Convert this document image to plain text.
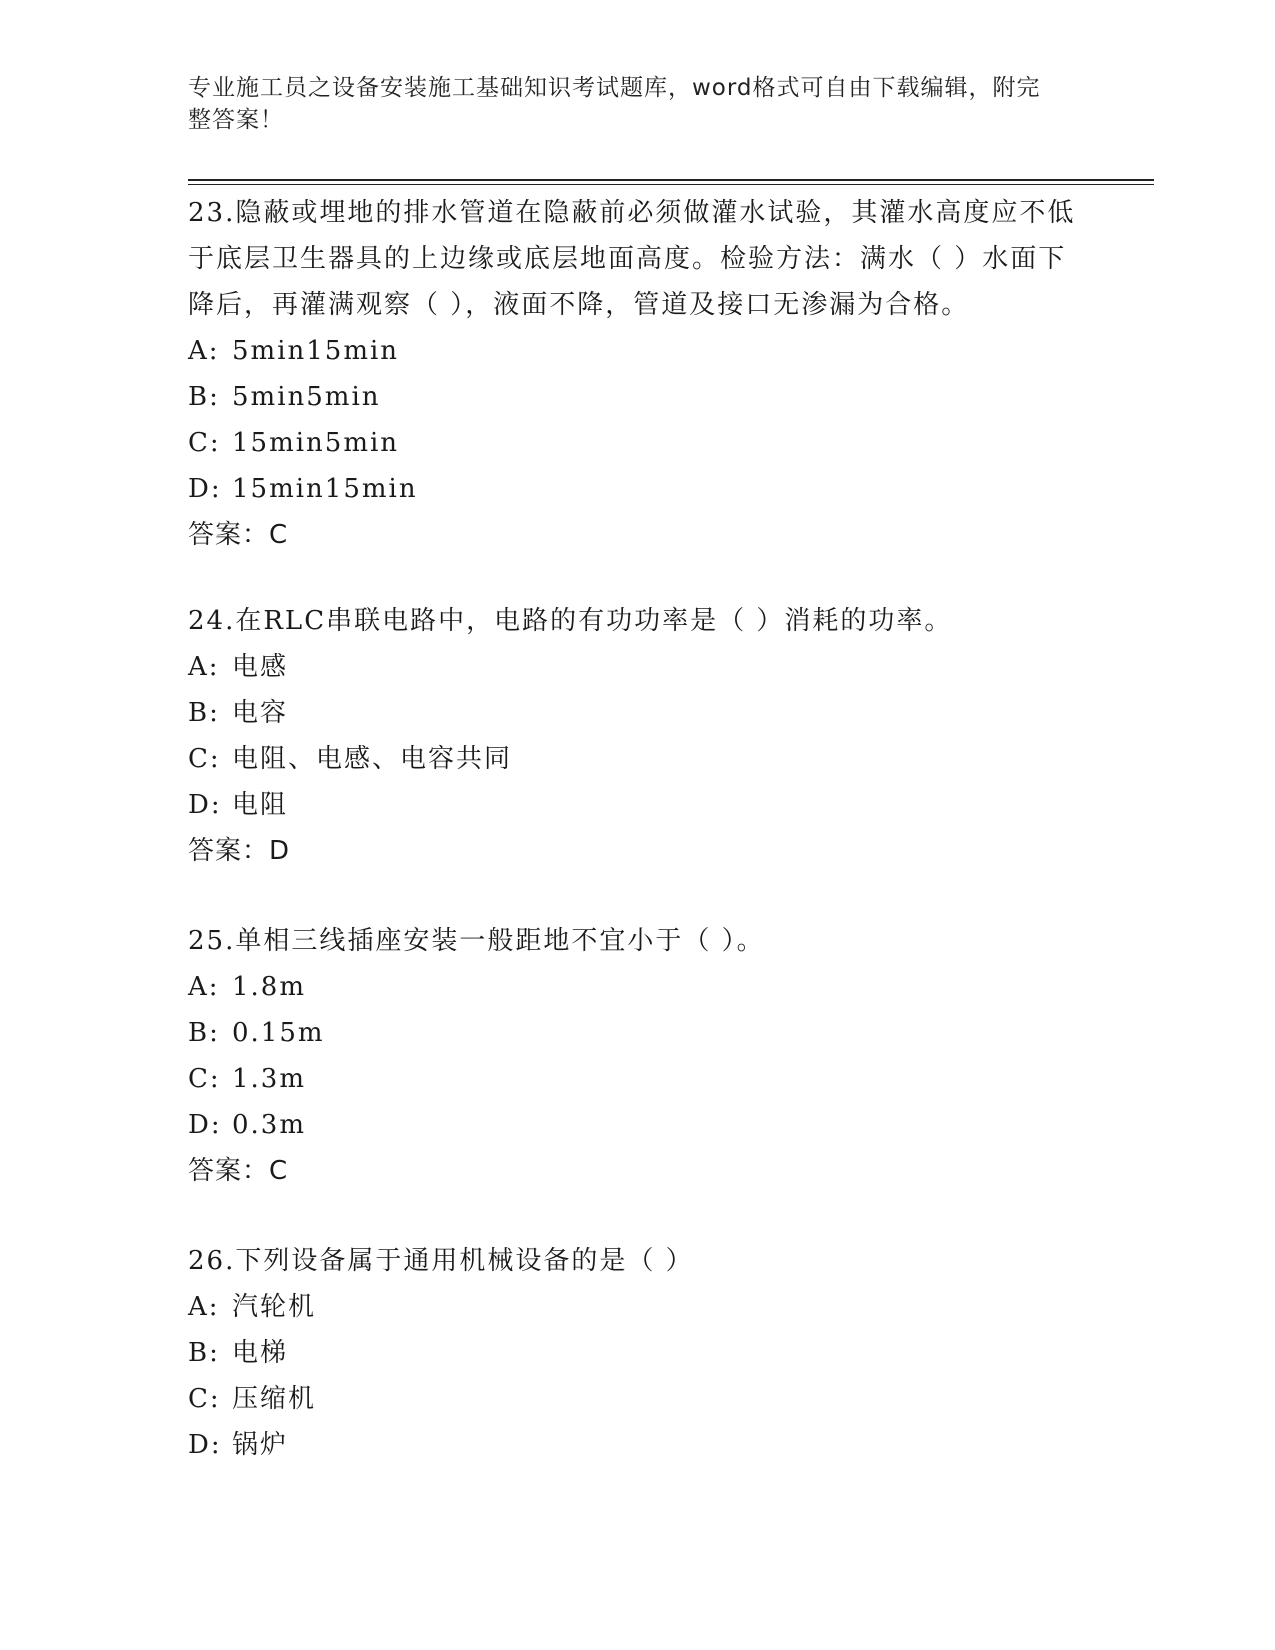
专业施工员之设备安装施工基础知识考试题库，word格式可自由下载编辑，附完
整答案！

23.隐蔽或埋地的排水管道在隐蔽前必须做灌水试验，其灌水高度应不低于底层卫生器具的上边缘或底层地面高度。检验方法：满水（ ）水面下降后，再灌满观察（ ），液面不降，管道及接口无渗漏为合格。

A: 5min15min

B: 5min5min

C: 15min5min

D: 15min15min

答案：C

24.在RLC串联电路中，电路的有功功率是（ ）消耗的功率。

A: 电感

B: 电容

C: 电阻、电感、电容共同

D: 电阻

答案：D

25.单相三线插座安装一般距地不宜小于（ ）。

A: 1.8m

B: 0.15m

C: 1.3m

D: 0.3m

答案：C

26.下列设备属于通用机械设备的是（ ）

A: 汽轮机

B: 电梯

C: 压缩机

D: 锅炉
